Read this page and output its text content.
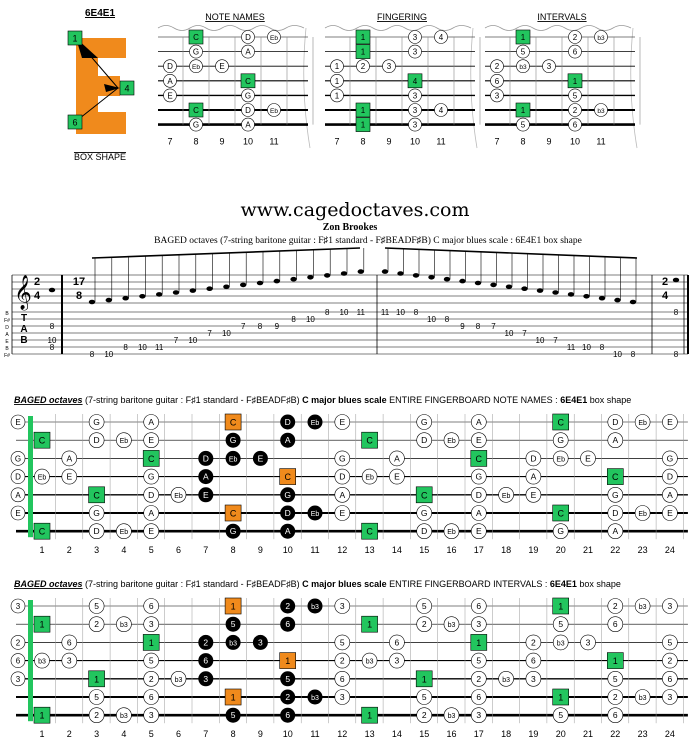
6E4E1
1
4
6
BOX SHAPE
NOTE NAMES
7 8 9 10 11
C	D	Eb
G	A
D	Eb E
A	C
E	G
C	D	Eb
G	A
FINGERING
7 8 9 10 11
1	3	4
1	3
1	2	3
1	4
1	3
1	3	4
1	3
INTERVALS
7 8 9 10 11
1	2	b3
5	6
2	b3	3
6	1
3	5
1	2	b3
5	6
www.cagedoctaves.com
Zon Brookes
BAGED octaves (7-string baritone guitar : F♯1 standard - F♯BEADF♯B) C major blues scale : 6E4E1 box shape
𝄞 2
4
17
8
2
4
T
A
B
B
F#
D
A
E
B
F#	8 10
8 10 11
7 10
7 10
7 8 9
8 10
8 10 11 11 10 8
10 8
9 8 7
10 7
10 7
11 10 8
10 8
8
10
8
8
8
BAGED octaves (7-string baritone guitar : F♯1 standard - F♯BEADF♯B) C major blues scale ENTIRE FINGERBOARD NOTE NAMES : 6E4E1 box shape
1 2 3 4 5 6 7 8 9 10 11 12 13 14 15 16 17 18 19 20 21 22 23 24
E
G
D
A
E
G	A	C	D	Eb E	G	A	C	D	Eb E
C	D	Eb E	G	A	C	D	Eb E	G	A
A	C	D	Eb E	G	A	C	D	Eb E	G
Eb E	G	A	C	D	Eb E	G	A	C	D
C	D	Eb E	G	A	C	D	Eb E	G	A
G	A	C	D	Eb E	G	A	C	D	Eb E
C	D	Eb E	G	A	C	D	Eb E	G	A
BAGED octaves (7-string baritone guitar : F♯1 standard - F♯BEADF♯B) C major blues scale ENTIRE FINGERBOARD INTERVALS : 6E4E1 box shape
1 2 3 4 5 6 7 8 9 10 11 12 13 14 15 16 17 18 19 20 21 22 23 24
3
2
6
3
5	6	1	2	b3 3	5	6	1	2	b3 3
1	2	b3 3	5	6	1	2	b3 3	5	6
6	1	2	b3 3	5	6	1	2	b3 3	5
b3 3	5	6	1	2	b3 3	5	6	1	2
1	2	b3 3	5	6	1	2	b3 3	5	6
5	6	1	2	b3 3	5	6	1	2	b3 3
1	2	b3 3	5	6	1	2	b3 3	5	6
